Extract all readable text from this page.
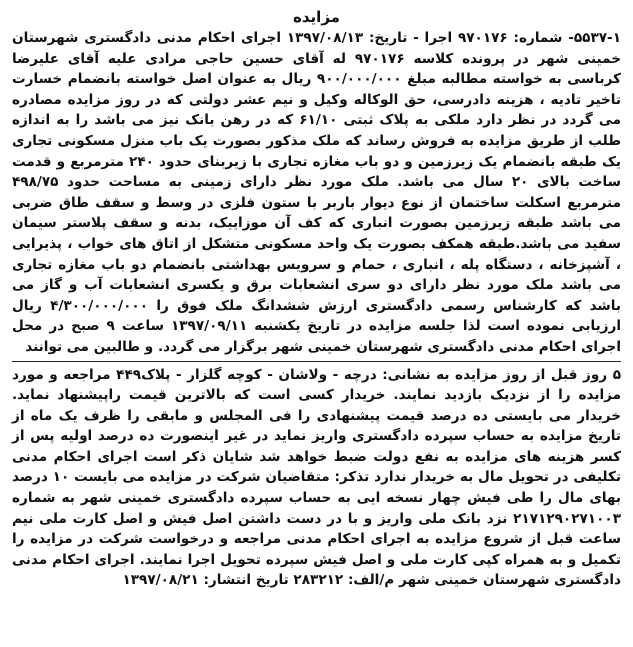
مزایده

۵۵۳۷-۱- شماره: ۹۷۰۱۷۶ اجرا - تاریخ: ۱۳۹۷/۰۸/۱۳ اجرای احکام مدنی دادگستری شهرستان خمینی شهر در پرونده کلاسه ۹۷۰۱۷۶ له آقای حسین حاجی مرادی علیه آقای علیرضا کرباسی به خواسته مطالبه مبلغ ۹۰۰/۰۰۰/۰۰۰ ریال به عنوان اصل خواسته بانضمام خسارت تاخیر تادیه ، هزینه دادرسی، حق الوکاله وکیل و نیم عشر دولتی که در روز مزایده مصادره می گردد در نظر دارد ملکی به پلاک ثبتی ۶۱/۱۰ که در رهن بانک نیز می باشد را به اندازه طلب از طریق مزایده به فروش رساند که ملک مذکور بصورت یک باب منزل مسکونی تجاری یک طبقه بانضمام یک زیرزمین و دو باب مغازه تجاری با زیربنای حدود ۲۴۰ مترمربع و قدمت ساخت بالای ۲۰ سال می باشد. ملک مورد نظر دارای زمینی به مساحت حدود ۴۹۸/۷۵ مترمربع اسکلت ساختمان از نوع دیوار باربر با ستون فلزی در وسط و سقف طاق ضربی می باشد طبقه زیرزمین بصورت انباری که کف آن موزاییک، بدنه و سقف پلاستر سیمان سفید می باشد.طبقه همکف بصورت یک واحد مسکونی متشکل از اتاق های خواب ، پذیرایی ، آشپزخانه ، دستگاه پله ، انباری ، حمام و سرویس بهداشتی بانضمام دو باب مغازه تجاری می باشد ملک مورد نظر دارای دو سری انشعابات برق و یکسری انشعابات آب و گاز می باشد که کارشناس رسمی دادگستری ارزش ششدانگ ملک فوق را ۴/۳۰۰/۰۰۰/۰۰۰ ریال ارزیابی نموده است لذا جلسه مزایده در تاریخ یکشنبه ۱۳۹۷/۰۹/۱۱ ساعت ۹ صبح در محل اجرای احکام مدنی دادگستری شهرستان خمینی شهر برگزار می گردد. و طالبین می توانند

۵ روز قبل از روز مزایده به نشانی: درچه - ولاشان - کوچه گلزار - پلاک۴۴۹ مراجعه و مورد مزایده را از نزدیک بازدید نمایند. خریدار کسی است که بالاترین قیمت راپیشنهاد نماید. خریدار می بایستی ده درصد قیمت پیشنهادی را فی المجلس و مابقی را ظرف یک ماه از تاریخ مزایده به حساب سپرده دادگستری واریز نماید در غیر اینصورت ده درصد اولیه پس از کسر هزینه های مزایده به نفع دولت ضبط خواهد شد شایان ذکر است اجرای احکام مدنی تکلیفی در تحویل مال به خریدار ندارد تذکر: متقاضیان شرکت در مزایده می بایست ۱۰ درصد بهای مال را طی فیش چهار نسخه ایی به حساب سپرده دادگستری خمینی شهر به شماره ۲۱۷۱۲۹۰۲۷۱۰۰۳ نزد بانک ملی واریز و با در دست داشتن اصل فیش و اصل کارت ملی نیم ساعت قبل از شروع مزایده به اجرای احکام مدنی مراجعه و درخواست شرکت در مزایده را تکمیل و به همراه کپی کارت ملی و اصل فیش سپرده تحویل اجرا نمایند. اجرای احکام مدنی دادگستری شهرستان خمینی شهر م/الف: ۲۸۳۲۱۲ تاریخ انتشار: ۱۳۹۷/۰۸/۲۱
